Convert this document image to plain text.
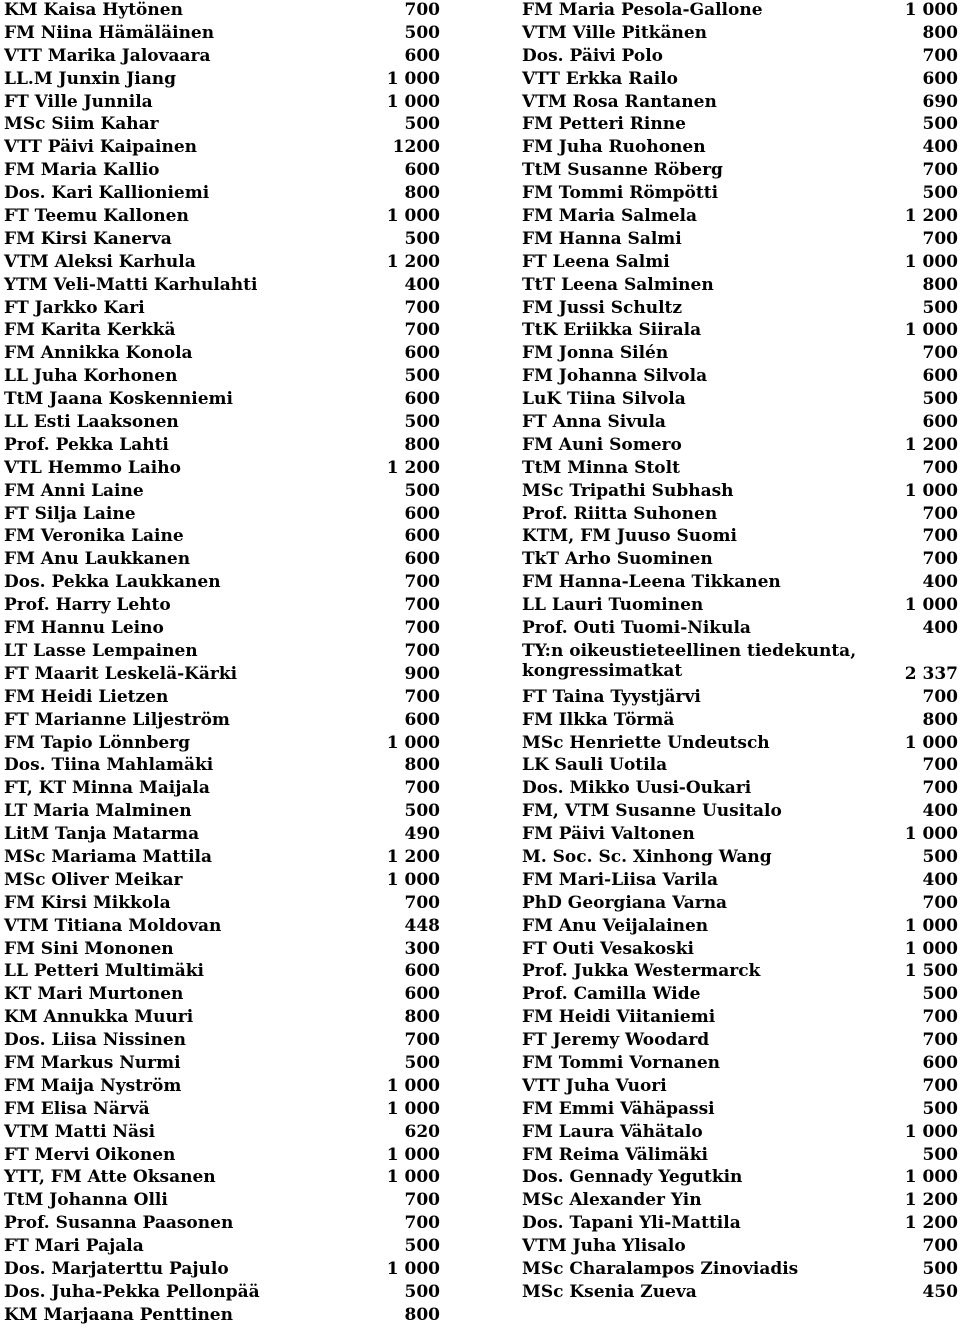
KM Kaisa Hytönen	700
FM Niina Hämäläinen	500
VTT Marika Jalovaara	600
LL.M Junxin Jiang	1 000
FT Ville Junnila	1 000
MSc Siim Kahar	500
VTT Päivi Kaipainen	1200
FM Maria Kallio	600
Dos. Kari Kallioniemi	800
FT Teemu Kallonen	1 000
FM Kirsi Kanerva	500
VTM Aleksi Karhula	1 200
YTM Veli-Matti Karhulahti	400
FT Jarkko Kari	700
FM Karita Kerkkä	700
FM Annikka Konola	600
LL Juha Korhonen	500
TtM Jaana Koskenniemi	600
LL Esti Laaksonen	500
Prof. Pekka Lahti	800
VTL Hemmo Laiho	1 200
FM Anni Laine	500
FT Silja Laine	600
FM Veronika Laine	600
FM Anu Laukkanen	600
Dos. Pekka Laukkanen	700
Prof. Harry Lehto	700
FM Hannu Leino	700
LT Lasse Lempainen	700
FT Maarit Leskelä-Kärki	900
FM Heidi Lietzen	700
FT Marianne Liljeström	600
FM Tapio Lönnberg	1 000
Dos. Tiina Mahlamäki	800
FT, KT Minna Maijala	700
LT Maria Malminen	500
LitM Tanja Matarma	490
MSc Mariama Mattila	1 200
MSc Oliver Meikar	1 000
FM Kirsi Mikkola	700
VTM Titiana Moldovan	448
FM Sini Mononen	300
LL Petteri Multimäki	600
KT Mari Murtonen	600
KM Annukka Muuri	800
Dos. Liisa Nissinen	700
FM Markus Nurmi	500
FM Maija Nyström	1 000
FM Elisa Närvä	1 000
VTM Matti Näsi	620
FT Mervi Oikonen	1 000
YTT, FM Atte Oksanen	1 000
TtM Johanna Olli	700
Prof. Susanna Paasonen	700
FT Mari Pajala	500
Dos. Marjaterttu Pajulo	1 000
Dos. Juha-Pekka Pellonpää	500
KM Marjaana Penttinen	800
FM Maria Pesola-Gallone	1 000
VTM Ville Pitkänen	800
Dos. Päivi Polo	700
VTT Erkka Railo	600
VTM Rosa Rantanen	690
FM Petteri Rinne	500
FM Juha Ruohonen	400
TtM Susanne Röberg	700
FM Tommi Römpötti	500
FM Maria Salmela	1 200
FM Hanna Salmi	700
FT Leena Salmi	1 000
TtT Leena Salminen	800
FM Jussi Schultz	500
TtK Eriikka Siirala	1 000
FM Jonna Silén	700
FM Johanna Silvola	600
LuK Tiina Silvola	500
FT Anna Sivula	600
FM Auni Somero	1 200
TtM Minna Stolt	700
MSc Tripathi Subhash	1 000
Prof. Riitta Suhonen	700
KTM, FM Juuso Suomi	700
TkT Arho Suominen	700
FM Hanna-Leena Tikkanen	400
LL Lauri Tuominen	1 000
Prof. Outi Tuomi-Nikula	400
TY:n oikeustieteellinen tiedekunta,
kongressimatkat	2 337
FT Taina Tyystjärvi	700
FM Ilkka Törmä	800
MSc Henriette Undeutsch	1 000
LK Sauli Uotila	700
Dos. Mikko Uusi-Oukari	700
FM, VTM Susanne Uusitalo	400
FM Päivi Valtonen	1 000
M. Soc. Sc. Xinhong Wang	500
FM Mari-Liisa Varila	400
PhD Georgiana Varna	700
FM Anu Veijalainen	1 000
FT Outi Vesakoski	1 000
Prof. Jukka Westermarck	1 500
Prof. Camilla Wide	500
FM Heidi Viitaniemi	700
FT Jeremy Woodard	700
FM Tommi Vornanen	600
VTT Juha Vuori	700
FM Emmi Vähäpassi	500
FM Laura Vähätalo	1 000
FM Reima Välimäki	500
Dos. Gennady Yegutkin	1 000
MSc Alexander Yin	1 200
Dos. Tapani Yli-Mattila	1 200
VTM Juha Ylisalo	700
MSc Charalampos Zinoviadis	500
MSc Ksenia Zueva	450
